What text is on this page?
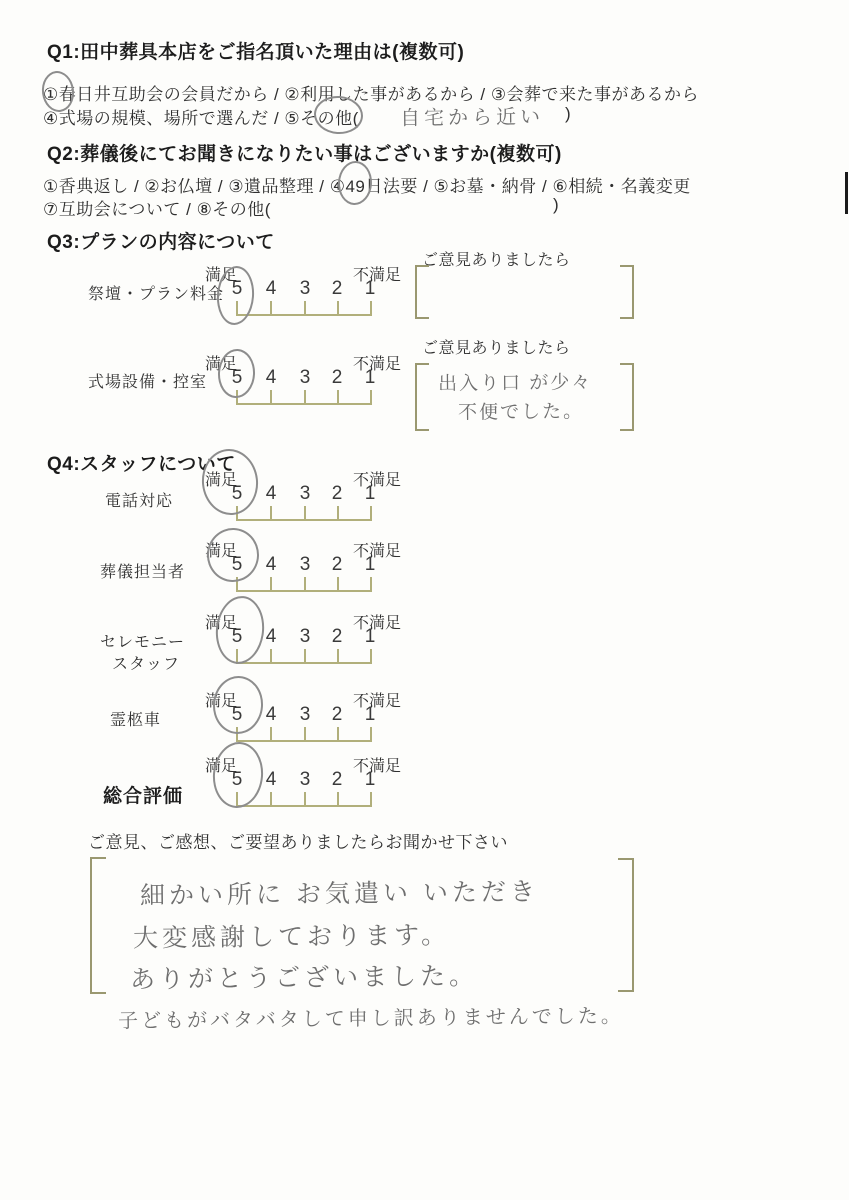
Q1:田中葬具本店をご指名頂いた理由は(複数可)
①春日井互助会の会員だから / ②利用した事があるから / ③会葬で来た事があるから
④式場の規模、場所で選んだ / ⑤その他( 自宅から近い )
Q2:葬儀後にてお聞きになりたい事はございますか(複数可)
①香典返し / ②お仏壇 / ③遺品整理 / ④49日法要 / ⑤お墓・納骨 / ⑥相続・名義変更
⑦互助会について / ⑧その他(	)
Q3:プランの内容について
ご意見ありましたら
祭壇・プラン料金
満足	不満足
5 4 3 2 1
ご意見ありましたら
式場設備・控室
満足	不満足
5 4 3 2 1	出入り口 が少々
不便でした。
Q4:スタッフについて
電話対応
満足	不満足
5 4 3 2 1
葬儀担当者
満足	不満足
5 4 3 2 1
セレモニー
スタッフ
満足	不満足
5 4 3 2 1
霊柩車
満足	不満足
5 4 3 2 1
総合評価
満足	不満足
5 4 3 2 1
ご意見、ご感想、ご要望ありましたらお聞かせ下さい
細かい所に お気遣い いただき
大変感謝しております。
ありがとうございました。
子どもがバタバタして申し訳ありませんでした。
